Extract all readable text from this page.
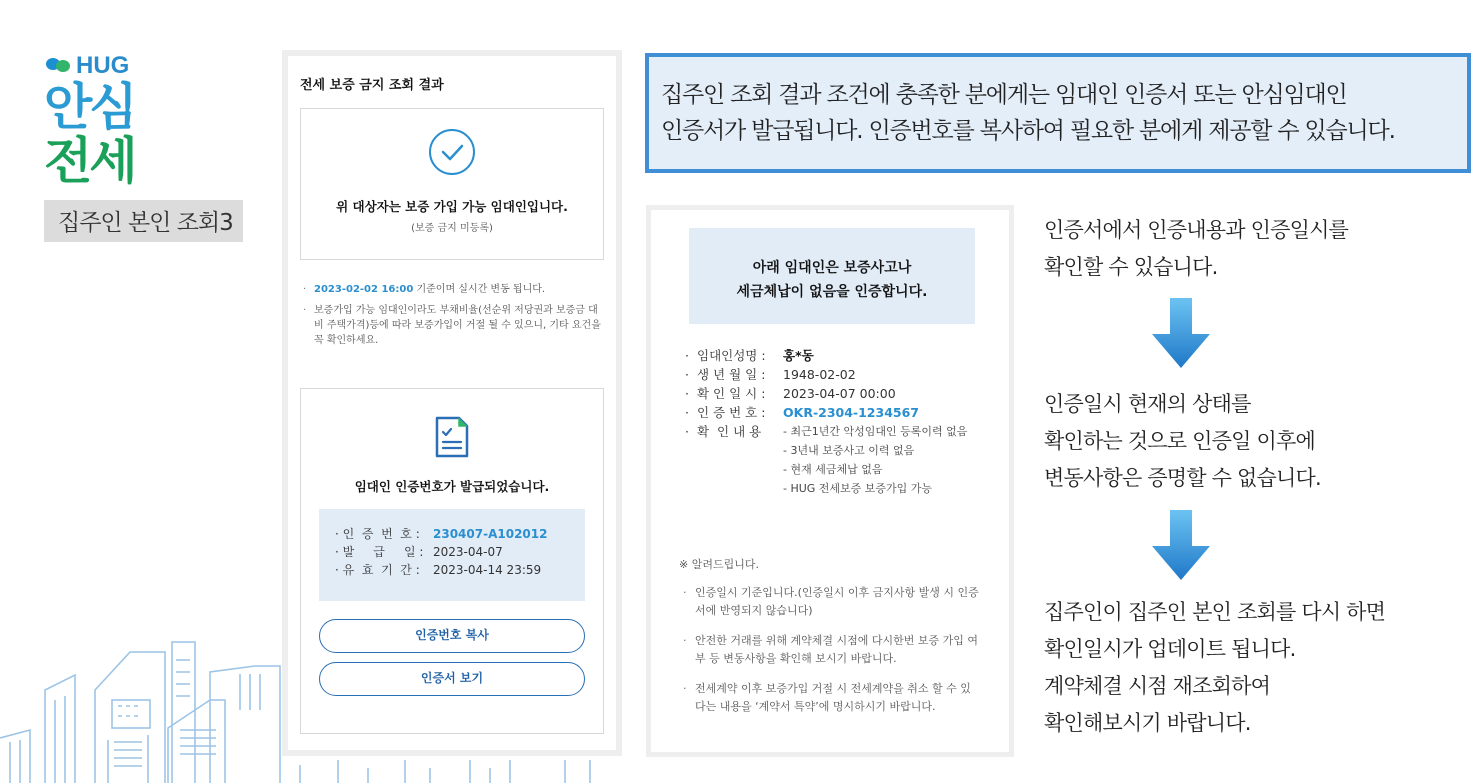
HUG
안심
전세
집주인 본인 조회3
전세 보증 금지 조회 결과
위 대상자는 보증 가입 가능 임대인입니다.
(보증 금지 미등록)
· 2023-02-02 16:00 기준이며 실시간 변동 됩니다.
· 보증가입 가능 임대인이라도 부채비율(선순위 저당권과 보증금 대비 주택가격)등에 따라 보증가입이 거절 될 수 있으니, 기타 요건을 꼭 확인하세요.
임대인 인증번호가 발급되었습니다.
· 인  증  번  호 :	230407-A102012
· 발     급     일 : 2023-04-07
· 유  효  기  간 :	2023-04-14 23:59
인증번호 복사
인증서 보기
집주인 조회 결과 조건에 충족한 분에게는 임대인 인증서 또는 안심임대인
인증서가 발급됩니다. 인증번호를 복사하여 필요한 분에게 제공할 수 있습니다.
아래 임대인은 보증사고나
세금체납이 없음을 인증합니다.
· 임대인성명 :	홍*동
· 생 년 월 일 :	1948-02-02
· 확 인 일 시 :	2023-04-07 00:00
· 인 증 번 호 :	OKR-2304-1234567
· 확  인 내 용	- 최근1년간 악성임대인 등록이력 없음
- 3년내 보증사고 이력 없음
- 현재 세금체납 없음
- HUG 전세보증 보증가입 가능
※ 알려드립니다.
· 인증일시 기준입니다.(인증일시 이후 금지사항 발생 시 인증서에 반영되지 않습니다)
· 안전한 거래를 위해 계약체결 시점에 다시한번 보증 가입 여부 등 변동사항을 확인해 보시기 바랍니다.
· 전세계약 이후 보증가입 거절 시 전세계약을 취소 할 수 있다는 내용을 ‘계약서 특약’에 명시하시기 바랍니다.
인증서에서 인증내용과 인증일시를
확인할 수 있습니다.
인증일시 현재의 상태를
확인하는 것으로 인증일 이후에
변동사항은 증명할 수 없습니다.
집주인이 집주인 본인 조회를 다시 하면
확인일시가 업데이트 됩니다.
계약체결 시점 재조회하여
확인해보시기 바랍니다.
